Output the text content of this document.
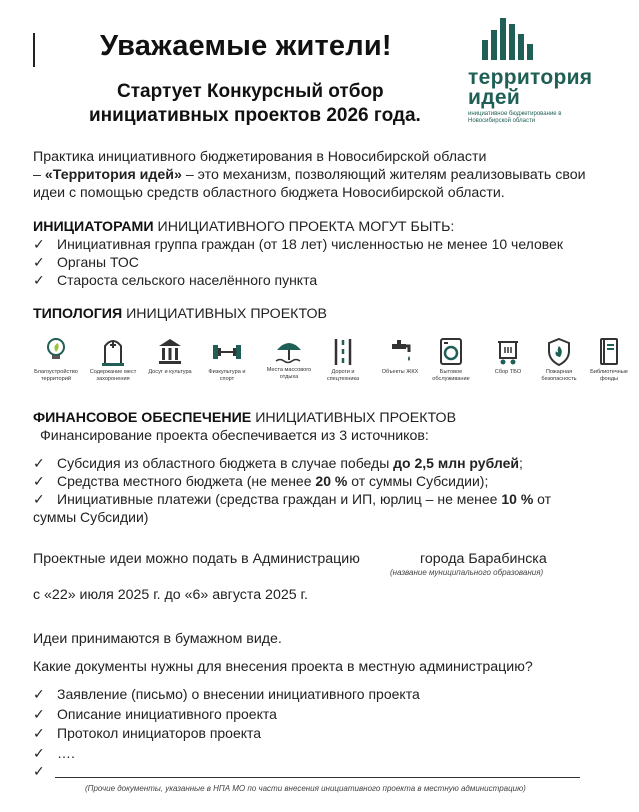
Уважаемые жители!
Стартует Конкурсный отбор
инициативных проектов 2026 года.
территория
идей
инициативное бюджетирование в Новосибирской области
Практика инициативного бюджетирования в Новосибирской области
– «Территория идей» – это механизм, позволяющий жителям реализовывать свои
идеи с помощью средств областного бюджета Новосибирской области.
ИНИЦИАТОРАМИ ИНИЦИАТИВНОГО ПРОЕКТА МОГУТ БЫТЬ:
✓ Инициативная группа граждан (от 18 лет) численностью не менее 10 человек
✓ Органы ТОС
✓ Староста сельского населённого пункта
ТИПОЛОГИЯ ИНИЦИАТИВНЫХ ПРОЕКТОВ
Благоустройство территорий
Содержание мест захоронения
Досуг и культура	Физкультура и спорт
Места массового отдыха
Дороги и спецтехника
Объекты ЖКХ	Бытовое обслуживание
Сбор ТБО	Пожарная безопасность
Библиотечные фонды
ФИНАНСОВОЕ ОБЕСПЕЧЕНИЕ ИНИЦИАТИВНЫХ ПРОЕКТОВ
Финансирование проекта обеспечивается из 3 источников:
✓ Субсидия из областного бюджета в случае победы до 2,5 млн рублей;
✓ Средства местного бюджета (не менее 20 % от суммы Субсидии);
✓ Инициативные платежи (средства граждан и ИП, юрлиц – не менее 10 % от
суммы Субсидии)
Проектные идеи можно подать в Администрацию	города Барабинска
(название муниципального образования)
с «22» июля 2025 г. до «6» августа 2025 г.
Идеи принимаются в бумажном виде.
Какие документы нужны для внесения проекта в местную администрацию?
✓ Заявление (письмо) о внесении инициативного проекта
✓ Описание инициативного проекта
✓ Протокол инициаторов проекта
✓ ….
✓
(Прочие документы, указанные в НПА МО по части внесения инициативного проекта в местную администрацию)
